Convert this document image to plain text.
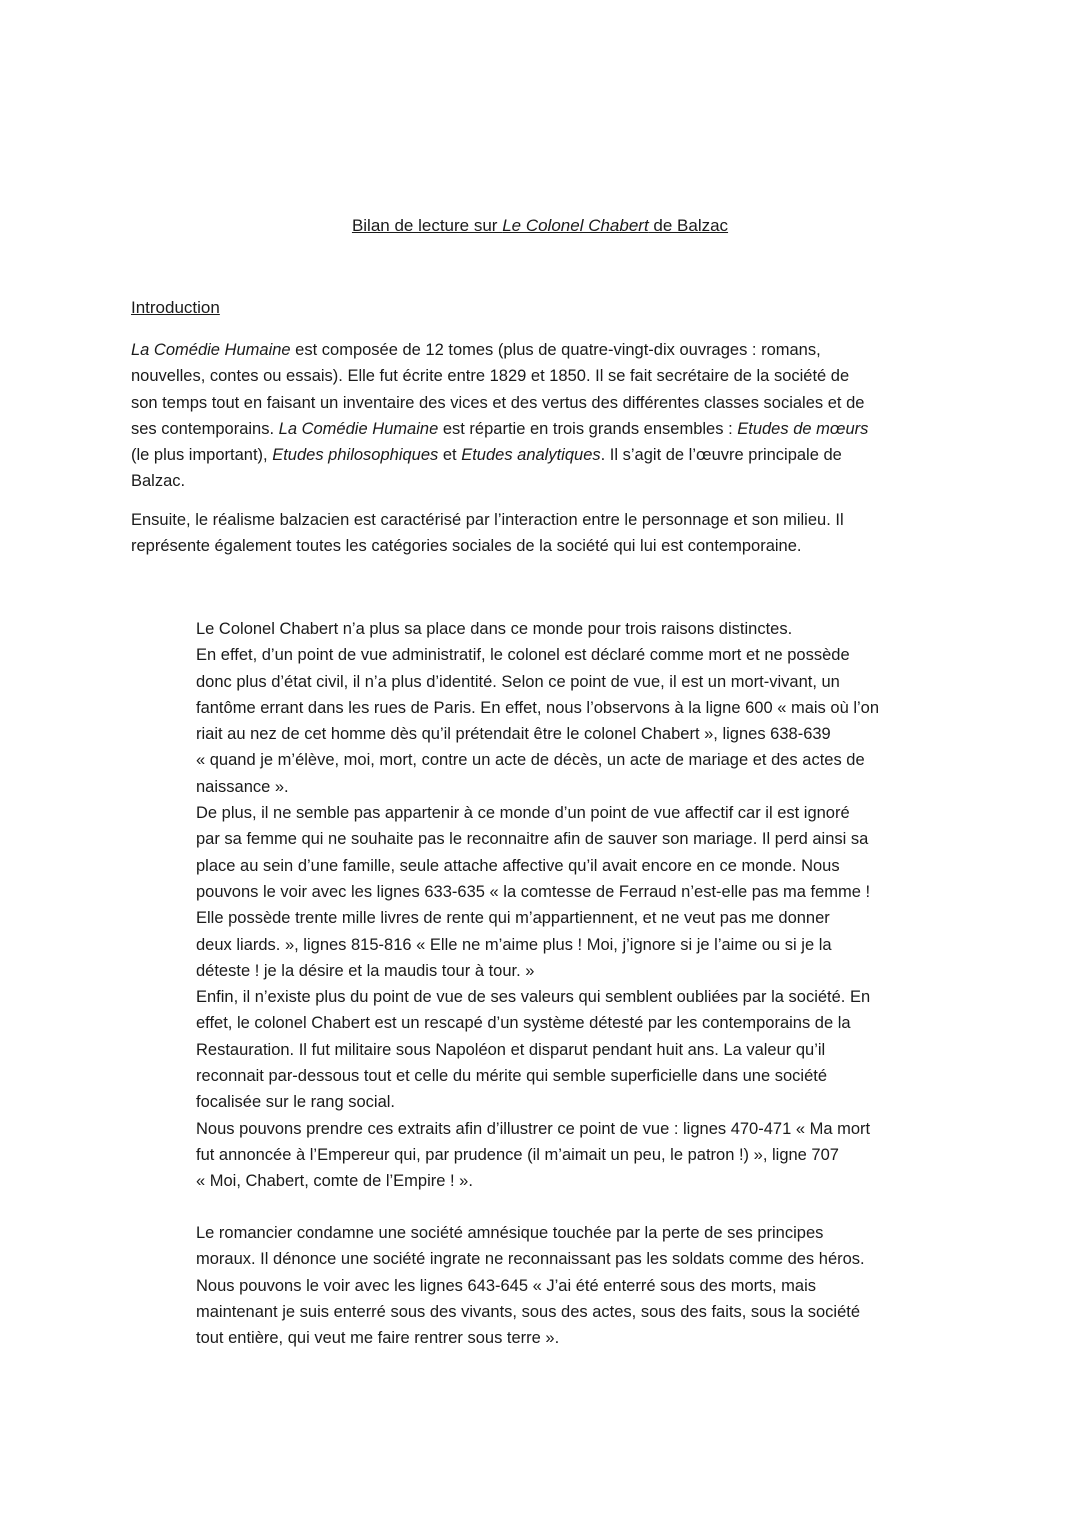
Bilan de lecture sur Le Colonel Chabert de Balzac
Introduction

La Comédie Humaine est composée de 12 tomes (plus de quatre-vingt-dix ouvrages : romans,
nouvelles, contes ou essais). Elle fut écrite entre 1829 et 1850. Il se fait secrétaire de la société de
son temps tout en faisant un inventaire des vices et des vertus des différentes classes sociales et de
ses contemporains. La Comédie Humaine est répartie en trois grands ensembles : Etudes de mœurs
(le plus important), Etudes philosophiques et Etudes analytiques. Il s’agit de l’œuvre principale de
Balzac.

Ensuite, le réalisme balzacien est caractérisé par l’interaction entre le personnage et son milieu. Il
représente également toutes les catégories sociales de la société qui lui est contemporaine.

Le Colonel Chabert n’a plus sa place dans ce monde pour trois raisons distinctes.
En effet, d’un point de vue administratif, le colonel est déclaré comme mort et ne possède
donc plus d’état civil, il n’a plus d’identité. Selon ce point de vue, il est un mort-vivant, un
fantôme errant dans les rues de Paris. En effet, nous l’observons à la ligne 600 « mais où l’on
riait au nez de cet homme dès qu’il prétendait être le colonel Chabert », lignes 638-639
« quand je m’élève, moi, mort, contre un acte de décès, un acte de mariage et des actes de
naissance ».
De plus, il ne semble pas appartenir à ce monde d’un point de vue affectif car il est ignoré
par sa femme qui ne souhaite pas le reconnaitre afin de sauver son mariage. Il perd ainsi sa
place au sein d’une famille, seule attache affective qu’il avait encore en ce monde. Nous
pouvons le voir avec les lignes 633-635 « la comtesse de Ferraud n’est-elle pas ma femme !
Elle possède trente mille livres de rente qui m’appartiennent, et ne veut pas me donner
deux liards. », lignes 815-816 « Elle ne m’aime plus ! Moi, j’ignore si je l’aime ou si je la
déteste ! je la désire et la maudis tour à tour. »
Enfin, il n’existe plus du point de vue de ses valeurs qui semblent oubliées par la société. En
effet, le colonel Chabert est un rescapé d’un système détesté par les contemporains de la
Restauration. Il fut militaire sous Napoléon et disparut pendant huit ans. La valeur qu’il
reconnait par-dessous tout et celle du mérite qui semble superficielle dans une société
focalisée sur le rang social.
Nous pouvons prendre ces extraits afin d’illustrer ce point de vue : lignes 470-471 « Ma mort
fut annoncée à l’Empereur qui, par prudence (il m’aimait un peu, le patron !) », ligne 707
« Moi, Chabert, comte de l’Empire ! ».

Le romancier condamne une société amnésique touchée par la perte de ses principes
moraux. Il dénonce une société ingrate ne reconnaissant pas les soldats comme des héros.
Nous pouvons le voir avec les lignes 643-645 « J’ai été enterré sous des morts, mais
maintenant je suis enterré sous des vivants, sous des actes, sous des faits, sous la société
tout entière, qui veut me faire rentrer sous terre ».
